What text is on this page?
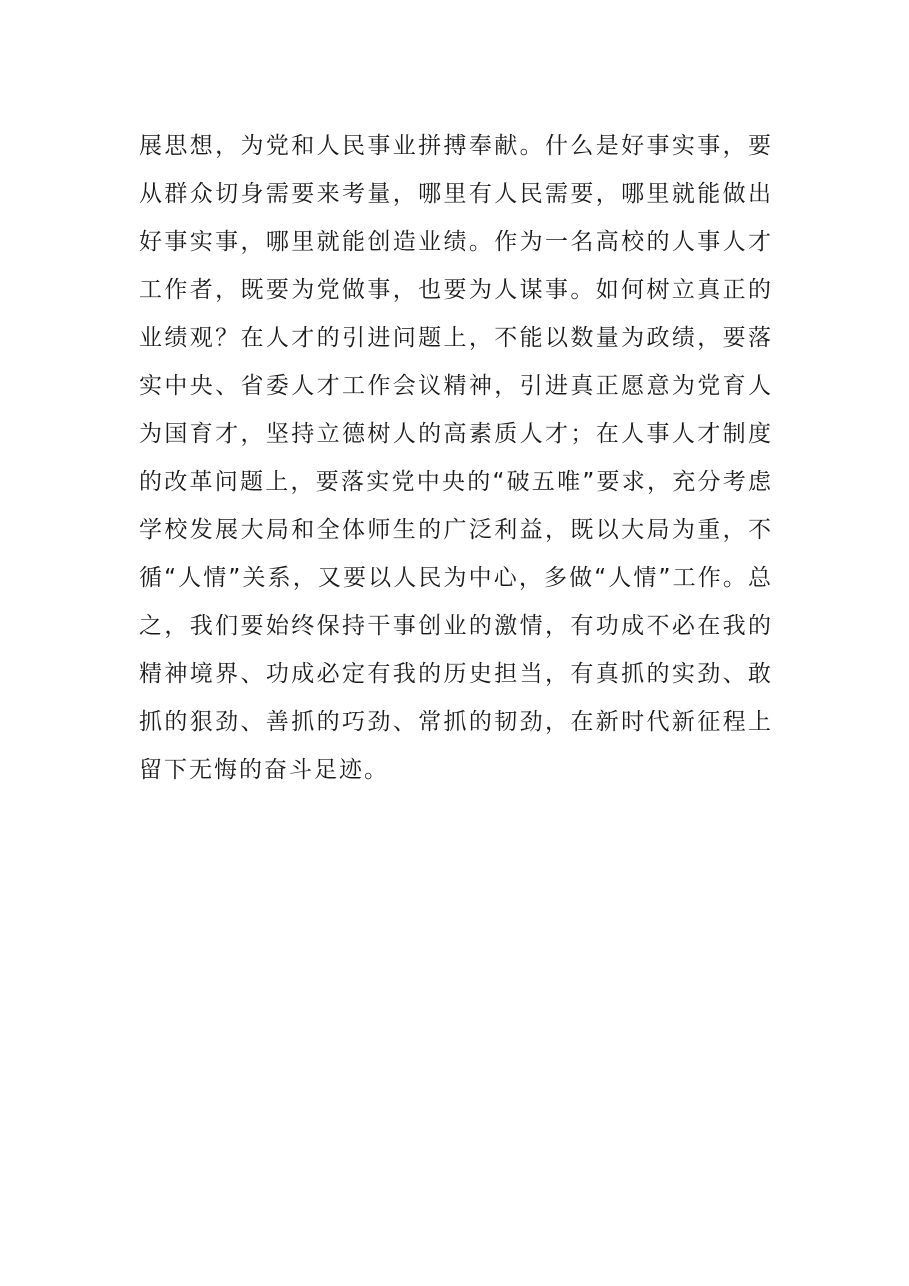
展思想，为党和人民事业拼搏奉献。什么是好事实事，要
从群众切身需要来考量，哪里有人民需要，哪里就能做出
好事实事，哪里就能创造业绩。作为一名高校的人事人才
工作者，既要为党做事，也要为人谋事。如何树立真正的
业绩观？在人才的引进问题上，不能以数量为政绩，要落
实中央、省委人才工作会议精神，引进真正愿意为党育人
为国育才，坚持立德树人的高素质人才；在人事人才制度
的改革问题上，要落实党中央的“破五唯”要求，充分考虑
学校发展大局和全体师生的广泛利益，既以大局为重，不
循“人情”关系，又要以人民为中心，多做“人情”工作。总
之，我们要始终保持干事创业的激情，有功成不必在我的
精神境界、功成必定有我的历史担当，有真抓的实劲、敢
抓的狠劲、善抓的巧劲、常抓的韧劲，在新时代新征程上
留下无悔的奋斗足迹。
